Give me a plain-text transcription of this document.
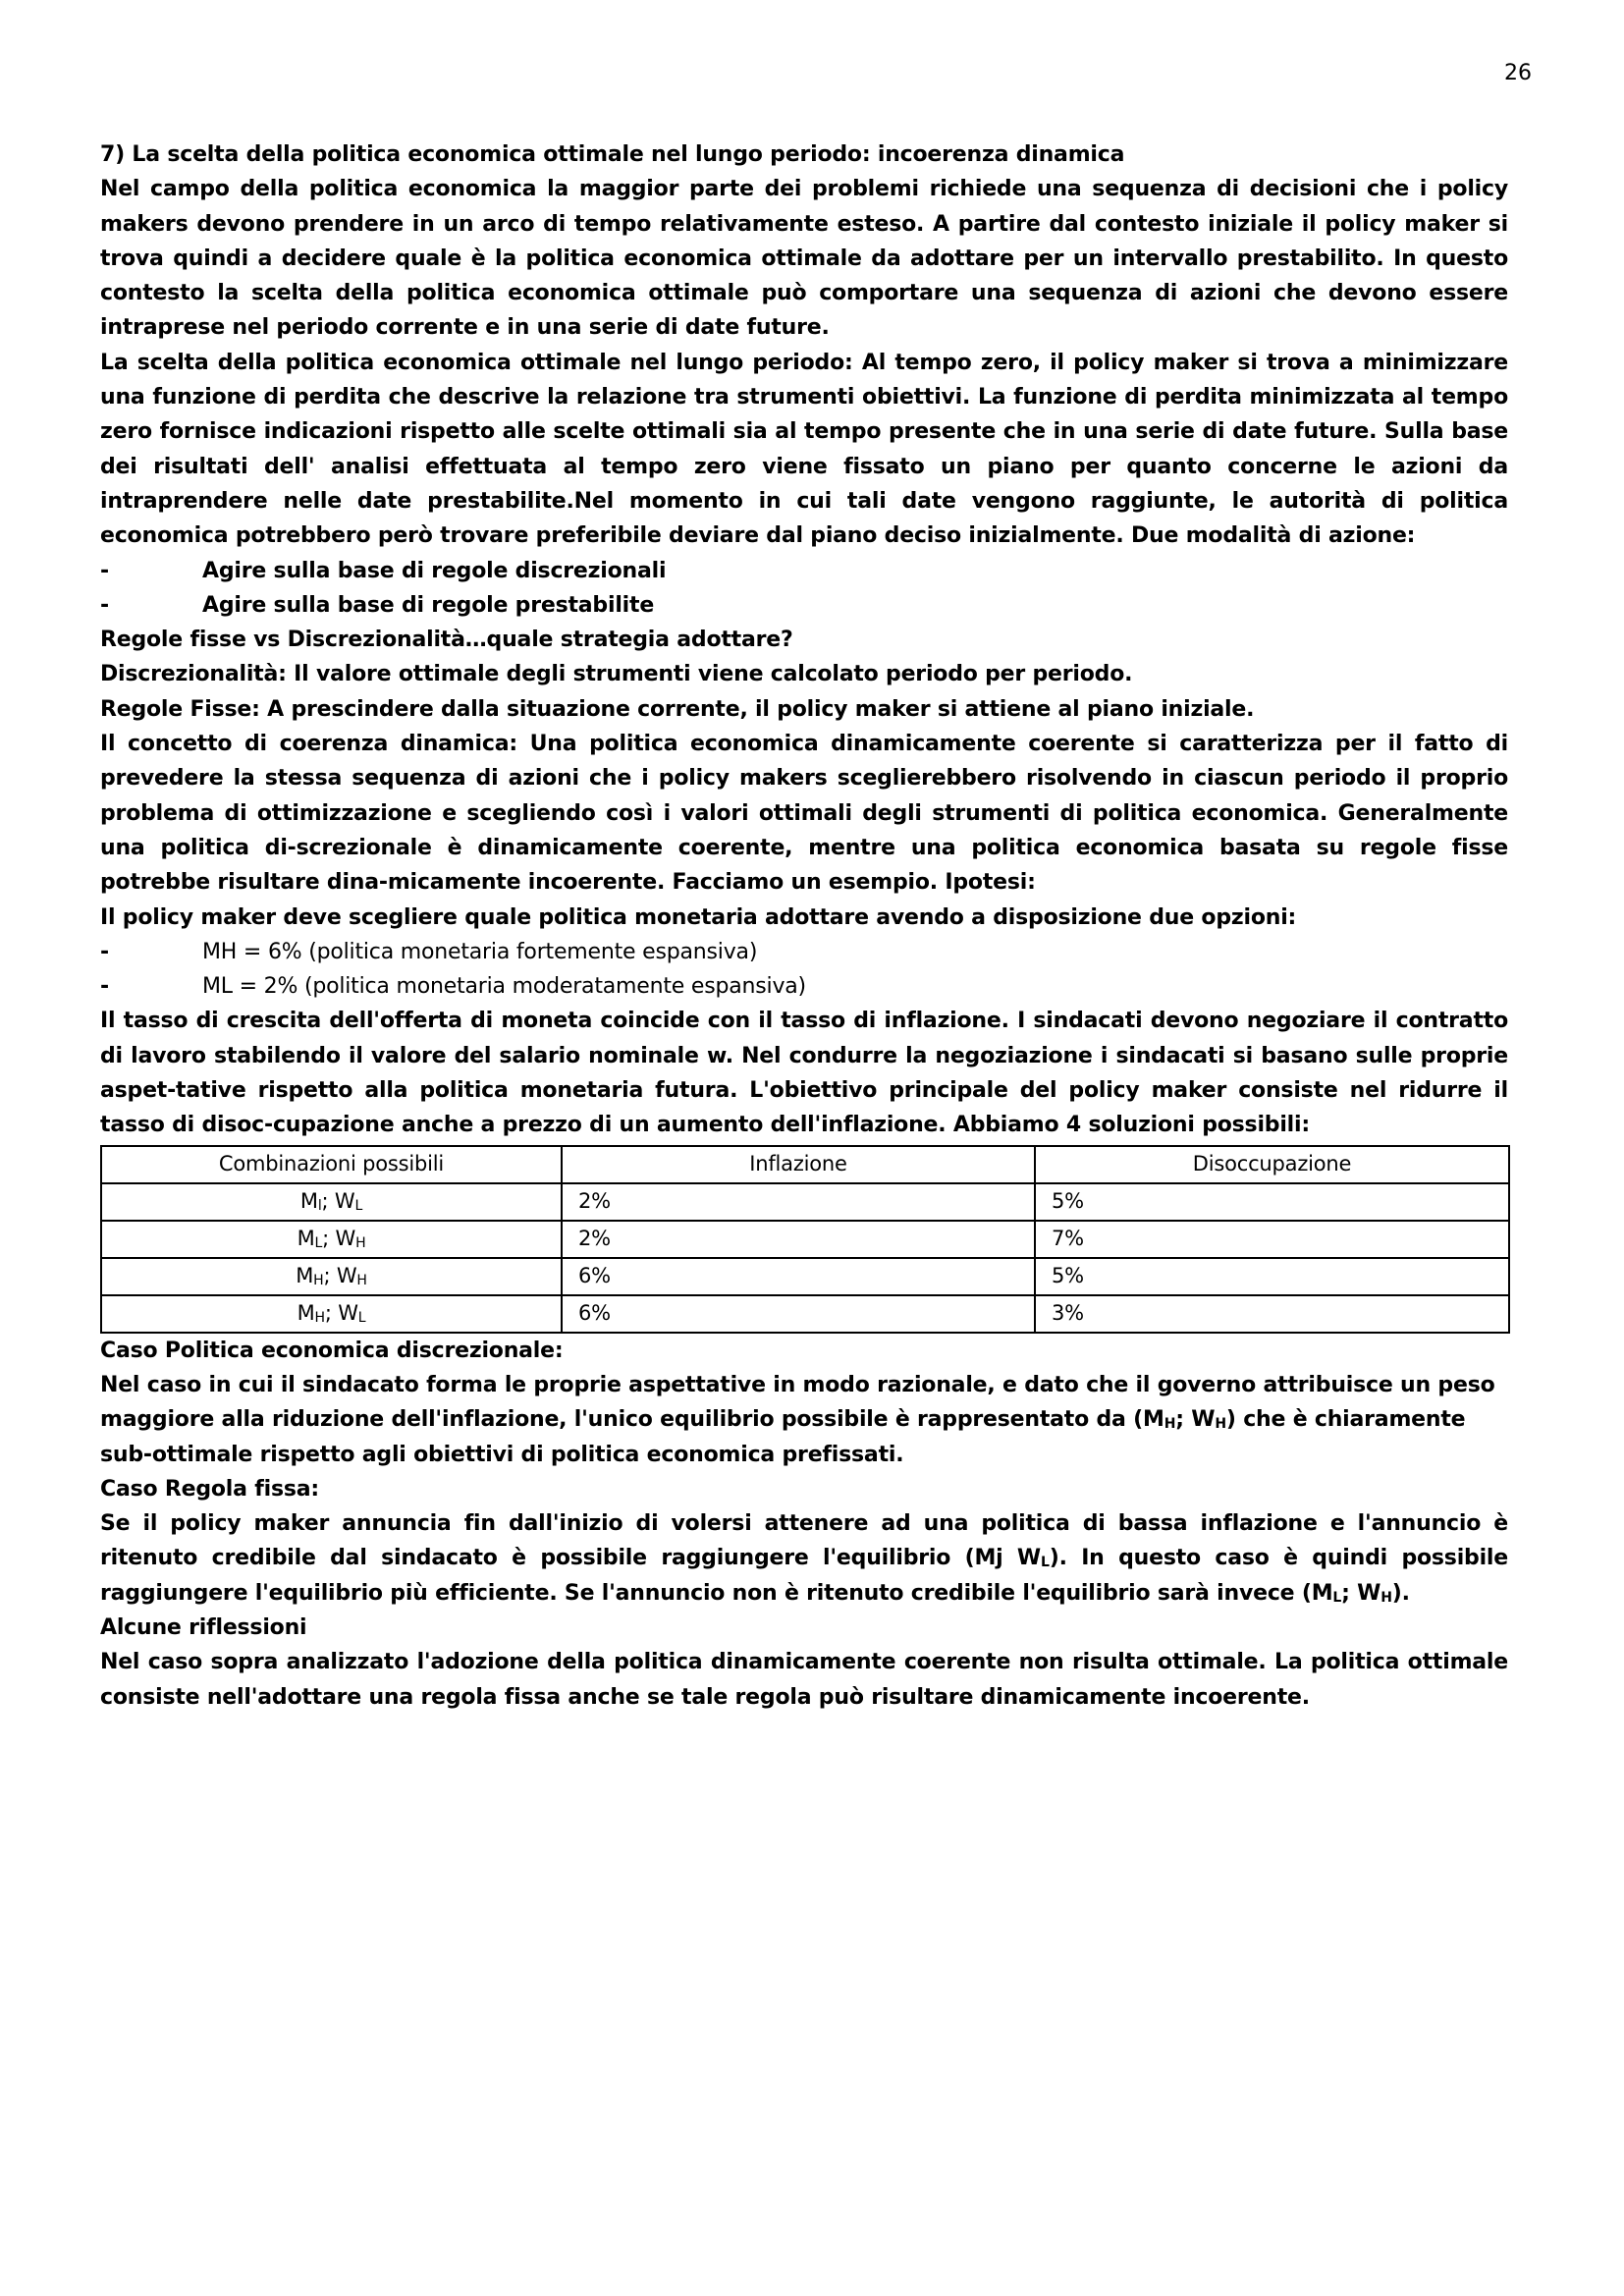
26

7) La scelta della politica economica ottimale nel lungo periodo: incoerenza dinamica

Nel campo della politica economica la maggior parte dei problemi richiede una sequenza di decisioni che i policy makers devono prendere in un arco di tempo relativamente esteso. A partire dal contesto iniziale il policy maker si trova quindi a decidere quale è la politica economica ottimale da adottare per un intervallo prestabilito. In questo contesto la scelta della politica economica ottimale può comportare una sequenza di azioni che devono essere intraprese nel periodo corrente e in una serie di date future.

La scelta della politica economica ottimale nel lungo periodo: Al tempo zero, il policy maker si trova a minimizzare una funzione di perdita che descrive la relazione tra strumenti obiettivi. La funzione di perdita minimizzata al tempo zero fornisce indicazioni rispetto alle scelte ottimali sia al tempo presente che in una serie di date future. Sulla base dei risultati dell' analisi effettuata al tempo zero viene fissato un piano per quanto concerne le azioni da intraprendere nelle date prestabilite.Nel momento in cui tali date vengono raggiunte, le autorità di politica economica potrebbero però trovare preferibile deviare dal piano deciso inizialmente. Due modalità di azione:

-	Agire sulla base di regole discrezionali
-	Agire sulla base di regole prestabilite

Regole fisse vs Discrezionalità…quale strategia adottare?

Discrezionalità: Il valore ottimale degli strumenti viene calcolato periodo per periodo.

Regole Fisse: A prescindere dalla situazione corrente, il policy maker si attiene al piano iniziale.

Il concetto di coerenza dinamica: Una politica economica dinamicamente coerente si caratterizza per il fatto di prevedere la stessa sequenza di azioni che i policy makers sceglierebbero risolvendo in ciascun periodo il proprio problema di ottimizzazione e scegliendo così i valori ottimali degli strumenti di politica economica. Generalmente una politica di-screzionale è dinamicamente coerente, mentre una politica economica basata su regole fisse potrebbe risultare dina-micamente incoerente. Facciamo un esempio. Ipotesi:

Il policy maker deve scegliere quale politica monetaria adottare avendo a disposizione due opzioni:

-	MH = 6% (politica monetaria fortemente espansiva)
-	ML = 2% (politica monetaria moderatamente espansiva)

Il tasso di crescita dell'offerta di moneta coincide con il tasso di inflazione. I sindacati devono negoziare il contratto di lavoro stabilendo il valore del salario nominale w. Nel condurre la negoziazione i sindacati si basano sulle proprie aspet-tative rispetto alla politica monetaria futura. L'obiettivo principale del policy maker consiste nel ridurre il tasso di disoc-cupazione anche a prezzo di un aumento dell'inflazione. Abbiamo 4 soluzioni possibili:

Combinazioni possibili	Inflazione	Disoccupazione
$M_l$; $W_L$	2%	5%
$M_L$; $W_H$	2%	7%
$M_H$; $W_H$	6%	5%
$M_H$; $W_L$	6%	3%

Caso Politica economica discrezionale:

Nel caso in cui il sindacato forma le proprie aspettative in modo razionale, e dato che il governo attribuisce un peso maggiore alla riduzione dell'inflazione, l'unico equilibrio possibile è rappresentato da ($M_H$; $W_H$) che è chiaramente sub-ottimale rispetto agli obiettivi di politica economica prefissati.

Caso Regola fissa:

Se il policy maker annuncia fin dall'inizio di volersi attenere ad una politica di bassa inflazione e l'annuncio è ritenuto credibile dal sindacato è possibile raggiungere l'equilibrio (Mj $W_L$). In questo caso è quindi possibile raggiungere l'equilibrio più efficiente. Se l'annuncio non è ritenuto credibile l'equilibrio sarà invece ($M_L$; $W_H$).

Alcune riflessioni

Nel caso sopra analizzato l'adozione della politica dinamicamente coerente non risulta ottimale. La politica ottimale consiste nell'adottare una regola fissa anche se tale regola può risultare dinamicamente incoerente.
